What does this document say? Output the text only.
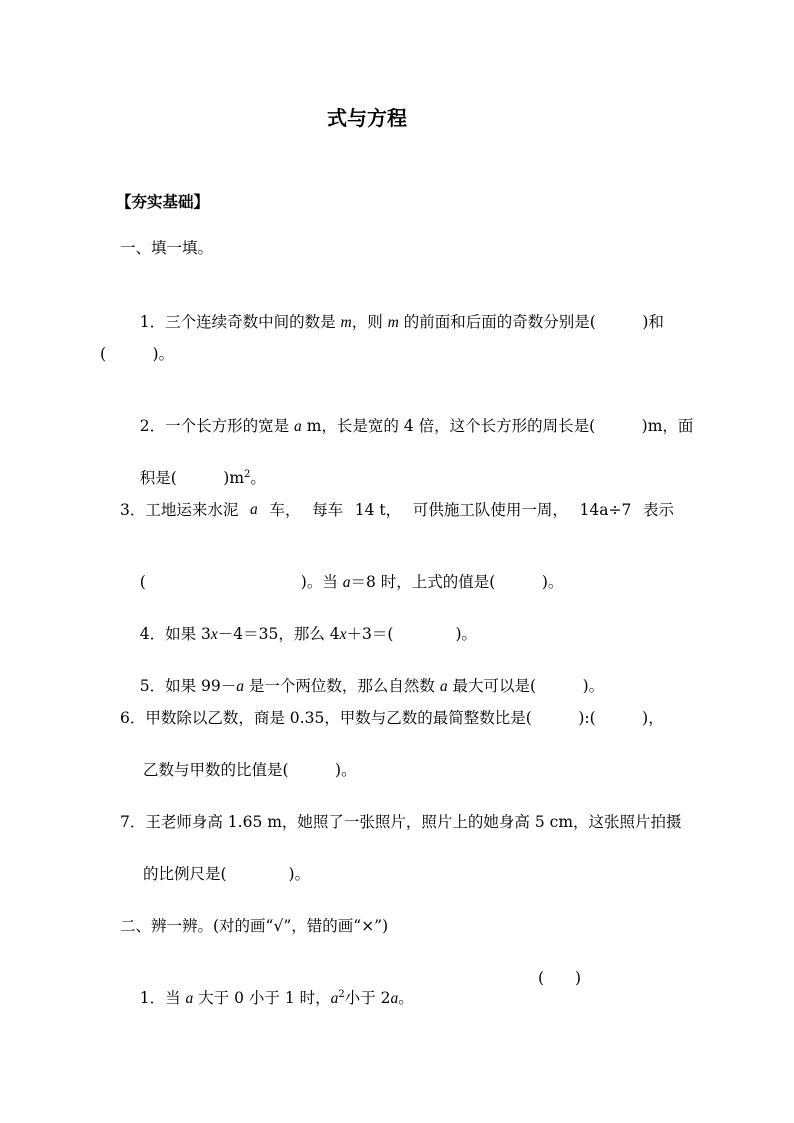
式与方程
【夯实基础】
一、填一填。

1．三个连续奇数中间的数是 m，则 m 的前面和后面的奇数分别是(　　　	)和

(　　　)。

2．一个长方形的宽是 a m，长是宽的 4 倍，这个长方形的周长是(　　　)m，面

积是(　　　)$m^2$。

3．工地运来水泥 a 车， 每车 14 t， 可供施工队使用一周， 14a÷7 表示

(　　　　　　　　　　)。当 a＝8 时，上式的值是(　　　)。

4．如果 3x－4＝35，那么 4x＋3＝(　　　　)。

5．如果 99－a 是一个两位数，那么自然数 a 最大可以是(　　　)。

6．甲数除以乙数，商是 0.35，甲数与乙数的最简整数比是(　　　):(　　　)，
乙数与甲数的比值是(　　　)。
7．王老师身高 1.65 m，她照了一张照片，照片上的她身高 5 cm，这张照片拍摄
的比例尺是(　　　　)。
二、辨一辨。(对的画“√”，错的画“×”)

1．当 a 大于 0 小于 1 时，$a^2$小于 2a。

(　　)
